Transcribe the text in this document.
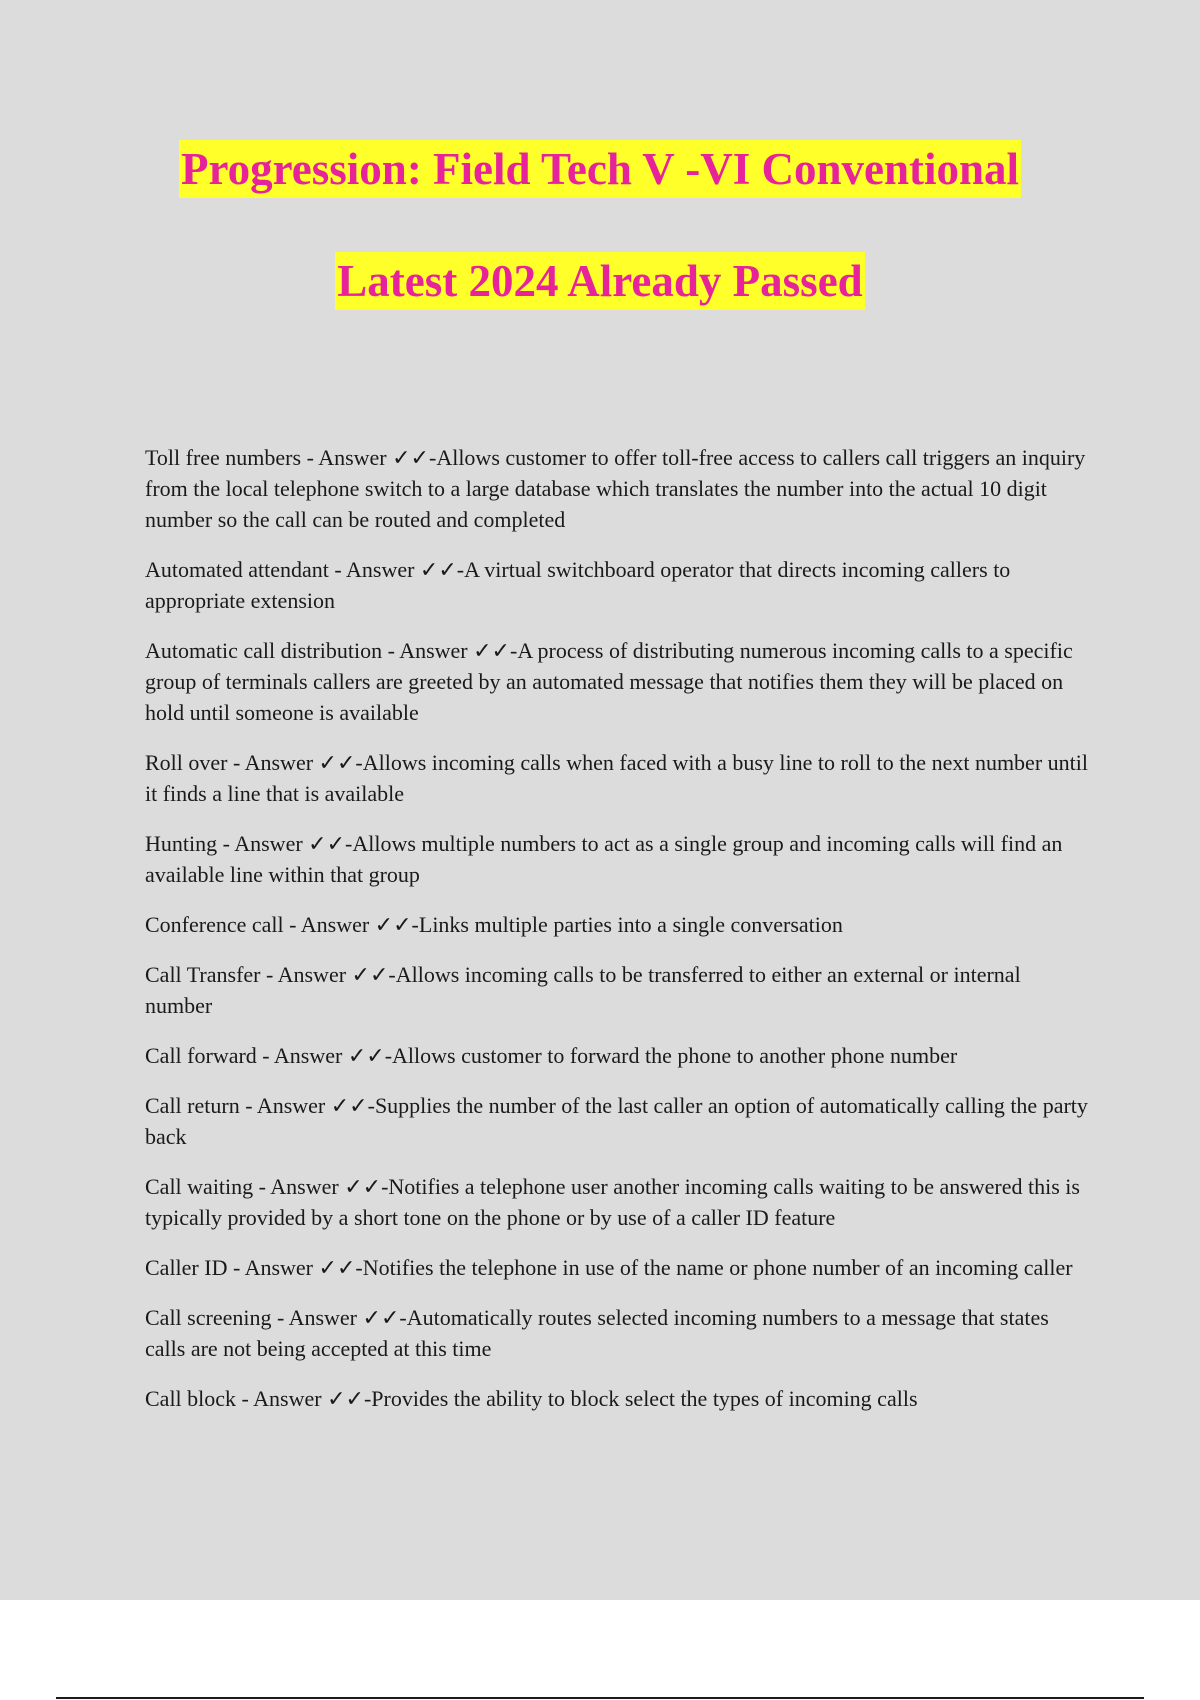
Progression: Field Tech V -VI Conventional
Latest 2024 Already Passed

Toll free numbers - Answer ✓✓-Allows customer to offer toll-free access to callers call triggers an inquiry from the local telephone switch to a large database which translates the number into the actual 10 digit number so the call can be routed and completed

Automated attendant - Answer ✓✓-A virtual switchboard operator that directs incoming callers to appropriate extension

Automatic call distribution - Answer ✓✓-A process of distributing numerous incoming calls to a specific group of terminals callers are greeted by an automated message that notifies them they will be placed on hold until someone is available

Roll over - Answer ✓✓-Allows incoming calls when faced with a busy line to roll to the next number until it finds a line that is available

Hunting - Answer ✓✓-Allows multiple numbers to act as a single group and incoming calls will find an available line within that group

Conference call - Answer ✓✓-Links multiple parties into a single conversation

Call Transfer - Answer ✓✓-Allows incoming calls to be transferred to either an external or internal number

Call forward - Answer ✓✓-Allows customer to forward the phone to another phone number

Call return - Answer ✓✓-Supplies the number of the last caller an option of automatically calling the party back

Call waiting - Answer ✓✓-Notifies a telephone user another incoming calls waiting to be answered this is typically provided by a short tone on the phone or by use of a caller ID feature

Caller ID - Answer ✓✓-Notifies the telephone in use of the name or phone number of an incoming caller

Call screening - Answer ✓✓-Automatically routes selected incoming numbers to a message that states calls are not being accepted at this time

Call block - Answer ✓✓-Provides the ability to block select the types of incoming calls
